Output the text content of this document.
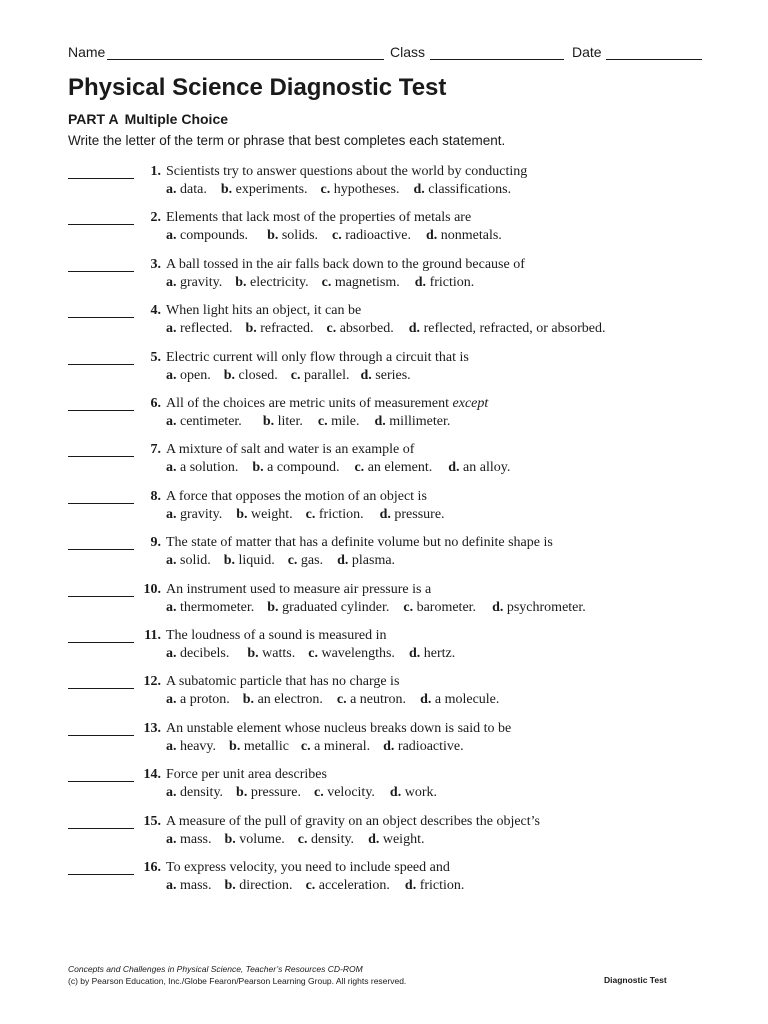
Name	Class	Date
Physical Science Diagnostic Test
PART A Multiple Choice
Write the letter of the term or phrase that best completes each statement.
1. Scientists try to answer questions about the world by conducting
a. data. b. experiments. c. hypotheses. d. classifications.
2. Elements that lack most of the properties of metals are
a. compounds. b. solids. c. radioactive. d. nonmetals.
3. A ball tossed in the air falls back down to the ground because of
a. gravity. b. electricity. c. magnetism. d. friction.
4. When light hits an object, it can be
a. reflected. b. refracted. c. absorbed. d. reflected, refracted, or absorbed.
5. Electric current will only flow through a circuit that is
a. open. b. closed. c. parallel. d. series.
6. All of the choices are metric units of measurement except
a. centimeter. b. liter. c. mile. d. millimeter.
7. A mixture of salt and water is an example of
a. a solution. b. a compound. c. an element. d. an alloy.
8. A force that opposes the motion of an object is
a. gravity. b. weight. c. friction. d. pressure.
9. The state of matter that has a definite volume but no definite shape is
a. solid. b. liquid. c. gas. d. plasma.
10. An instrument used to measure air pressure is a
a. thermometer. b. graduated cylinder. c. barometer. d. psychrometer.
11. The loudness of a sound is measured in
a. decibels. b. watts. c. wavelengths. d. hertz.
12. A subatomic particle that has no charge is
a. a proton. b. an electron. c. a neutron. d. a molecule.
13. An unstable element whose nucleus breaks down is said to be
a. heavy. b. metallic c. a mineral. d. radioactive.
14. Force per unit area describes
a. density. b. pressure. c. velocity. d. work.
15. A measure of the pull of gravity on an object describes the object’s
a. mass. b. volume. c. density. d. weight.
16. To express velocity, you need to include speed and
a. mass. b. direction. c. acceleration. d. friction.
Concepts and Challenges in Physical Science, Teacher’s Resources CD-ROM
(c) by Pearson Education, Inc./Globe Fearon/Pearson Learning Group. All rights reserved.	Diagnostic Test
